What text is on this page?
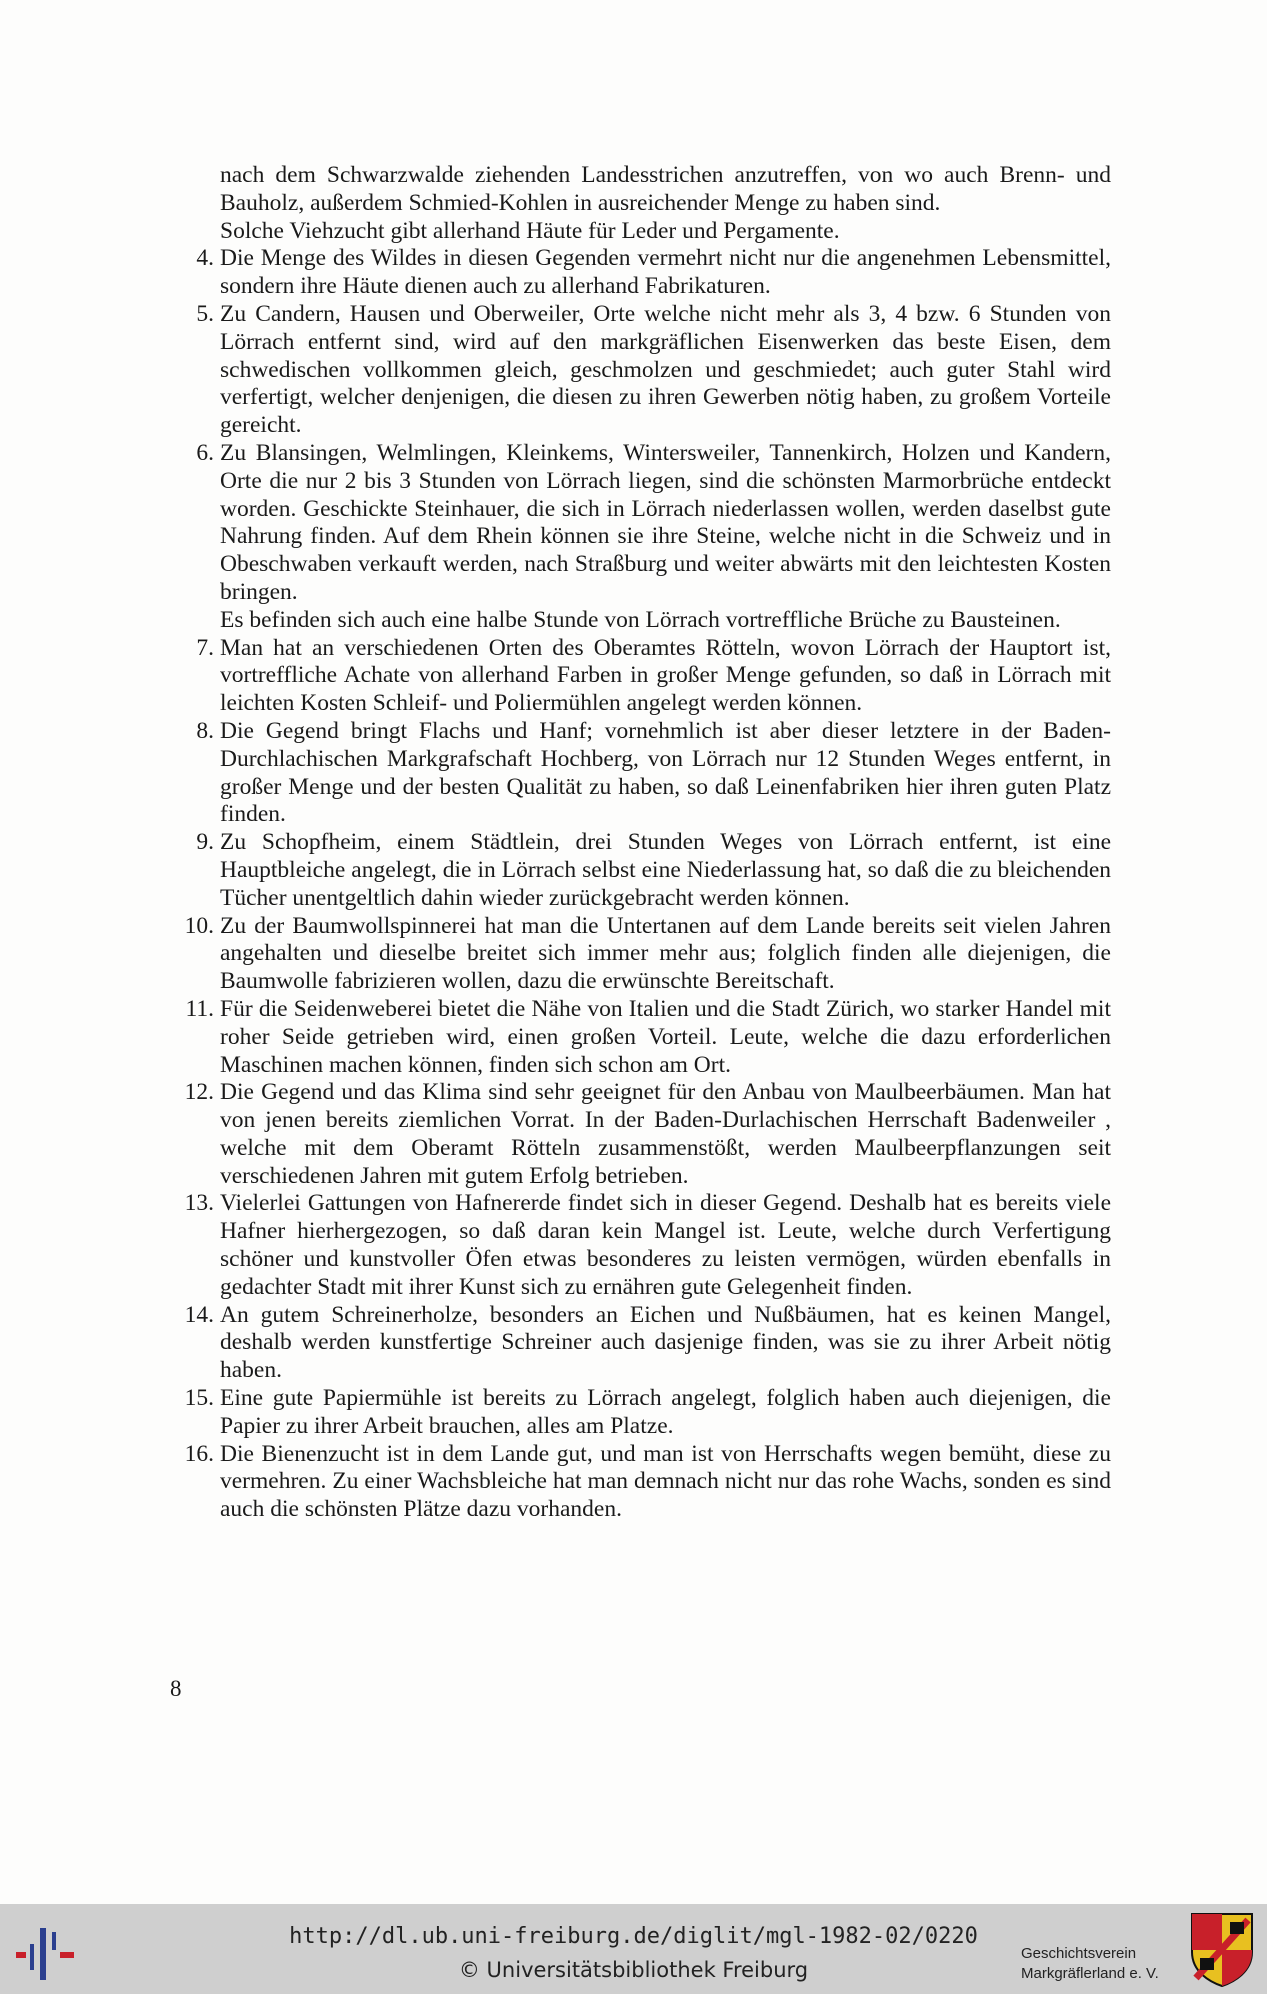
nach dem Schwarzwalde ziehenden Landesstrichen anzutreffen, von wo auch Brenn- und Bauholz, außerdem Schmied-Kohlen in ausreichender Menge zu haben sind.

Solche Viehzucht gibt allerhand Häute für Leder und Pergamente.

4. Die Menge des Wildes in diesen Gegenden vermehrt nicht nur die angenehmen Lebensmittel, sondern ihre Häute dienen auch zu allerhand Fabrikaturen.
5. Zu Candern, Hausen und Oberweiler, Orte welche nicht mehr als 3, 4 bzw. 6 Stunden von Lörrach entfernt sind, wird auf den markgräflichen Eisenwerken das beste Eisen, dem schwedischen vollkommen gleich, geschmolzen und geschmiedet; auch guter Stahl wird verfertigt, welcher denjenigen, die diesen zu ihren Gewerben nötig haben, zu großem Vorteile gereicht.
6. Zu Blansingen, Welmlingen, Kleinkems, Wintersweiler, Tannenkirch, Holzen und Kandern, Orte die nur 2 bis 3 Stunden von Lörrach liegen, sind die schönsten Marmorbrüche entdeckt worden. Geschickte Steinhauer, die sich in Lörrach niederlassen wollen, werden daselbst gute Nahrung finden. Auf dem Rhein können sie ihre Steine, welche nicht in die Schweiz und in Obeschwaben verkauft werden, nach Straßburg und weiter abwärts mit den leichtesten Kosten bringen.

Es befinden sich auch eine halbe Stunde von Lörrach vortreffliche Brüche zu Bausteinen.

7. Man hat an verschiedenen Orten des Oberamtes Rötteln, wovon Lörrach der Hauptort ist, vortreffliche Achate von allerhand Farben in großer Menge gefunden, so daß in Lörrach mit leichten Kosten Schleif- und Poliermühlen angelegt werden können.
8. Die Gegend bringt Flachs und Hanf; vornehmlich ist aber dieser letztere in der Baden-Durchlachischen Markgrafschaft Hochberg, von Lörrach nur 12 Stunden Weges entfernt, in großer Menge und der besten Qualität zu haben, so daß Leinenfabriken hier ihren guten Platz finden.
9. Zu Schopfheim, einem Städtlein, drei Stunden Weges von Lörrach entfernt, ist eine Hauptbleiche angelegt, die in Lörrach selbst eine Niederlassung hat, so daß die zu bleichenden Tücher unentgeltlich dahin wieder zurückgebracht werden können.
10. Zu der Baumwollspinnerei hat man die Untertanen auf dem Lande bereits seit vielen Jahren angehalten und dieselbe breitet sich immer mehr aus; folglich finden alle diejenigen, die Baumwolle fabrizieren wollen, dazu die erwünschte Bereitschaft.
11. Für die Seidenweberei bietet die Nähe von Italien und die Stadt Zürich, wo starker Handel mit roher Seide getrieben wird, einen großen Vorteil. Leute, welche die dazu erforderlichen Maschinen machen können, finden sich schon am Ort.
12. Die Gegend und das Klima sind sehr geeignet für den Anbau von Maulbeerbäumen. Man hat von jenen bereits ziemlichen Vorrat. In der Baden-Durlachischen Herrschaft Badenweiler , welche mit dem Oberamt Rötteln zusammenstößt, werden Maulbeerpflanzungen seit verschiedenen Jahren mit gutem Erfolg betrieben.
13. Vielerlei Gattungen von Hafnererde findet sich in dieser Gegend. Deshalb hat es bereits viele Hafner hierhergezogen, so daß daran kein Mangel ist. Leute, welche durch Verfertigung schöner und kunstvoller Öfen etwas besonderes zu leisten vermögen, würden ebenfalls in gedachter Stadt mit ihrer Kunst sich zu ernähren gute Gelegenheit finden.
14. An gutem Schreinerholze, besonders an Eichen und Nußbäumen, hat es keinen Mangel, deshalb werden kunstfertige Schreiner auch dasjenige finden, was sie zu ihrer Arbeit nötig haben.
15. Eine gute Papiermühle ist bereits zu Lörrach angelegt, folglich haben auch diejenigen, die Papier zu ihrer Arbeit brauchen, alles am Platze.
16. Die Bienenzucht ist in dem Lande gut, und man ist von Herrschafts wegen bemüht, diese zu vermehren. Zu einer Wachsbleiche hat man demnach nicht nur das rohe Wachs, sonden es sind auch die schönsten Plätze dazu vorhanden.
8
http://dl.ub.uni-freiburg.de/diglit/mgl-1982-02/0220
© Universitätsbibliothek Freiburg
Geschichtsverein
Markgräflerland e. V.
